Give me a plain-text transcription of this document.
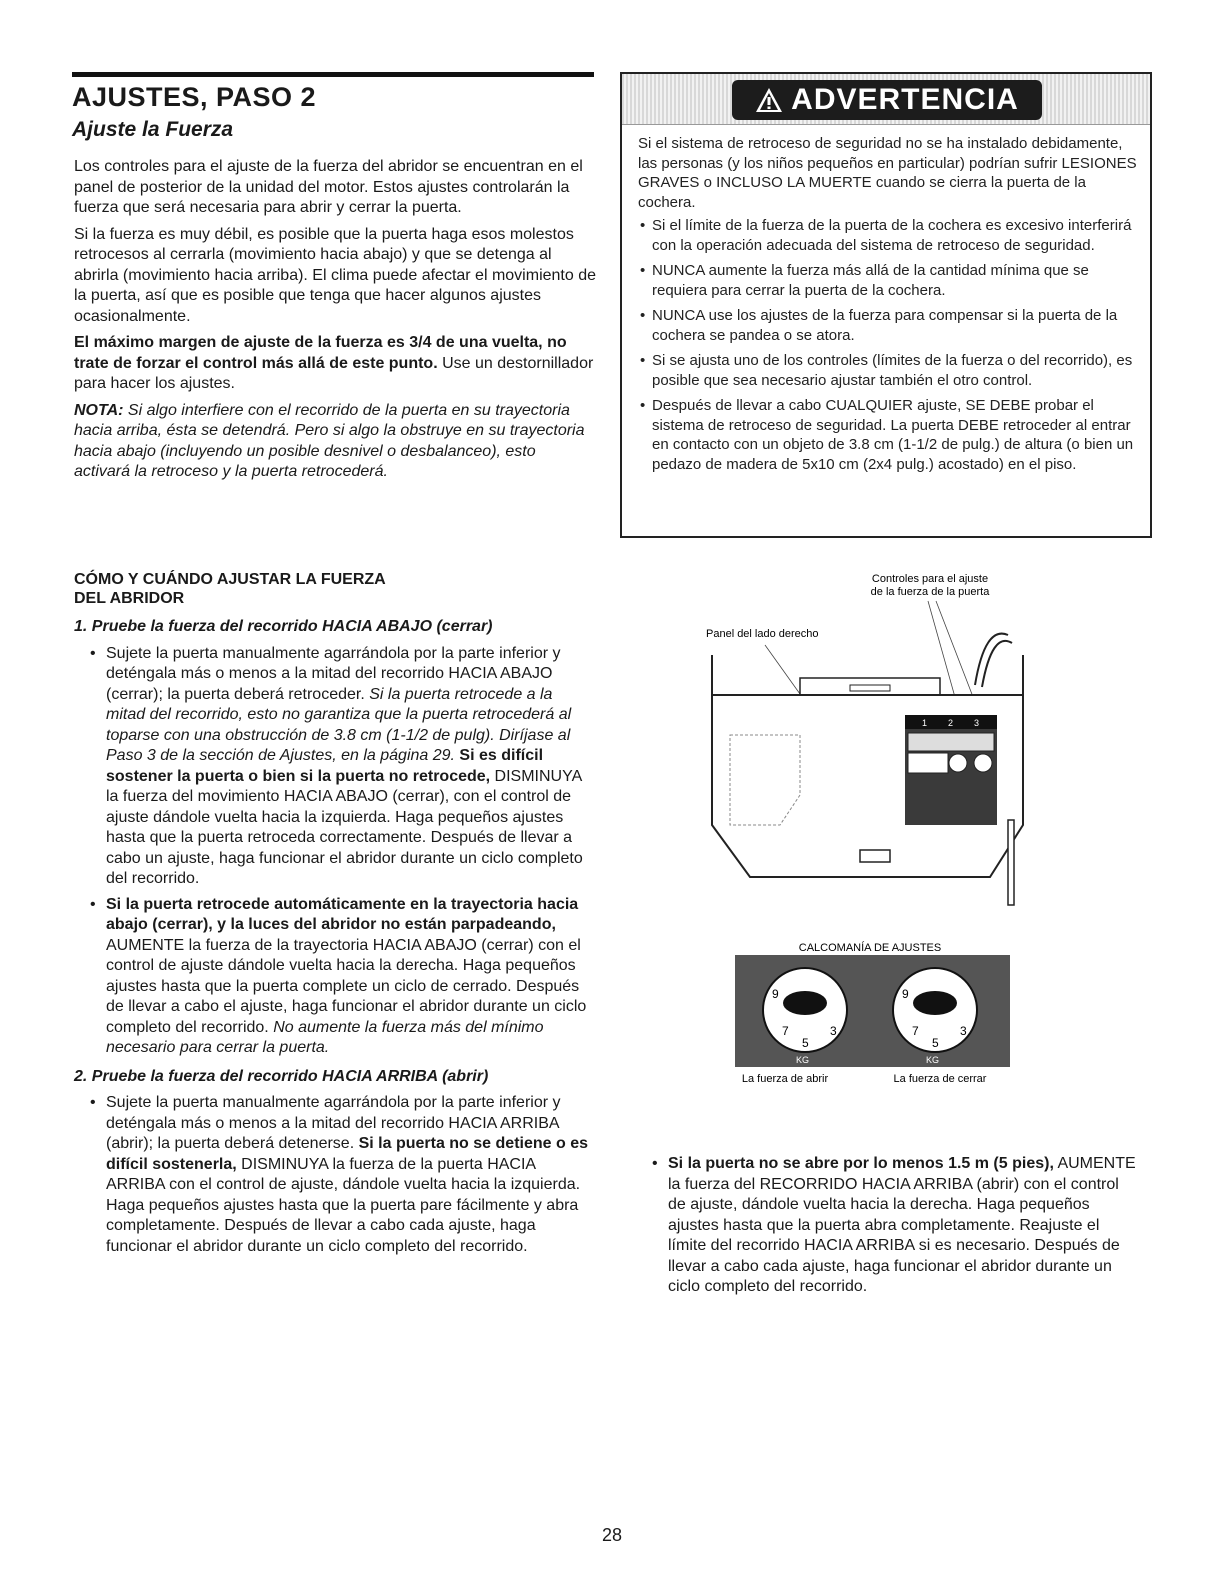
AJUSTES, PASO 2
Ajuste la Fuerza

Los controles para el ajuste de la fuerza del abridor se encuentran en el panel de posterior de la unidad del motor. Estos ajustes controlarán la fuerza que será necesaria para abrir y cerrar la puerta.

Si la fuerza es muy débil, es posible que la puerta haga esos molestos retrocesos al cerrarla (movimiento hacia abajo) y que se detenga al abrirla (movimiento hacia arriba). El clima puede afectar el movimiento de la puerta, así que es posible que tenga que hacer algunos ajustes ocasionalmente.

El máximo margen de ajuste de la fuerza es 3/4 de una vuelta, no trate de forzar el control más allá de este punto. Use un destornillador para hacer los ajustes.

NOTA: Si algo interfiere con el recorrido de la puerta en su trayectoria hacia arriba, ésta se detendrá. Pero si algo la obstruye en su trayectoria hacia abajo (incluyendo un posible desnivel o desbalanceo), esto activará la retroceso y la puerta retrocederá.

ADVERTENCIA

Si el sistema de retroceso de seguridad no se ha instalado debidamente, las personas (y los niños pequeños en particular) podrían sufrir LESIONES GRAVES o INCLUSO LA MUERTE cuando se cierra la puerta de la cochera.

• Si el límite de la fuerza de la puerta de la cochera es excesivo interferirá con la operación adecuada del sistema de retroceso de seguridad.
• NUNCA aumente la fuerza más allá de la cantidad mínima que se requiera para cerrar la puerta de la cochera.
• NUNCA use los ajustes de la fuerza para compensar si la puerta de la cochera se pandea o se atora.
• Si se ajusta uno de los controles (límites de la fuerza o del recorrido), es posible que sea necesario ajustar también el otro control.
• Después de llevar a cabo CUALQUIER ajuste, SE DEBE probar el sistema de retroceso de seguridad. La puerta DEBE retroceder al entrar en contacto con un objeto de 3.8 cm (1-1/2 de pulg.) de altura (o bien un pedazo de madera de 5x10 cm (2x4 pulg.) acostado) en el piso.
CÓMO Y CUÁNDO AJUSTAR LA FUERZA
DEL ABRIDOR

1. Pruebe la fuerza del recorrido HACIA ABAJO (cerrar)

• Sujete la puerta manualmente agarrándola por la parte inferior y deténgala más o menos a la mitad del recorrido HACIA ABAJO (cerrar); la puerta deberá retroceder. Si la puerta retrocede a la mitad del recorrido, esto no garantiza que la puerta retrocederá al toparse con una obstrucción de 3.8 cm (1-1/2 de pulg). Diríjase al Paso 3 de la sección de Ajustes, en la página 29. Si es difícil sostener la puerta o bien si la puerta no retrocede, DISMINUYA la fuerza del movimiento HACIA ABAJO (cerrar), con el control de ajuste dándole vuelta hacia la izquierda. Haga pequeños ajustes hasta que la puerta retroceda correctamente. Después de llevar a cabo un ajuste, haga funcionar el abridor durante un ciclo completo del recorrido.
• Si la puerta retrocede automáticamente en la trayectoria hacia abajo (cerrar), y la luces del abridor no están parpadeando, AUMENTE la fuerza de la trayectoria HACIA ABAJO (cerrar) con el control de ajuste dándole vuelta hacia la derecha. Haga pequeños ajustes hasta que la puerta complete un ciclo de cerrado. Después de llevar a cabo el ajuste, haga funcionar el abridor durante un ciclo completo del recorrido. No aumente la fuerza más del mínimo necesario para cerrar la puerta.

2. Pruebe la fuerza del recorrido HACIA ARRIBA (abrir)

• Sujete la puerta manualmente agarrándola por la parte inferior y deténgala más o menos a la mitad del recorrido HACIA ARRIBA (abrir); la puerta deberá detenerse. Si la puerta no se detiene o es difícil sostenerla, DISMINUYA la fuerza de la puerta HACIA ARRIBA con el control de ajuste, dándole vuelta hacia la izquierda. Haga pequeños ajustes hasta que la puerta pare fácilmente y abra completamente. Después de llevar a cabo cada ajuste, haga funcionar el abridor durante un ciclo completo del recorrido.
Controles para el ajuste
de la fuerza de la puerta
Panel del lado derecho
1 2 3
CALCOMANÍA DE AJUSTES
9
7
5
3
KG
9
7
5
3
KG
La fuerza de abrir	La fuerza de cerrar
• Si la puerta no se abre por lo menos 1.5 m (5 pies), AUMENTE la fuerza del RECORRIDO HACIA ARRIBA (abrir) con el control de ajuste, dándole vuelta hacia la derecha. Haga pequeños ajustes hasta que la puerta abra completamente. Reajuste el límite del recorrido HACIA ARRIBA si es necesario. Después de llevar a cabo cada ajuste, haga funcionar el abridor durante un ciclo completo del recorrido.
28
